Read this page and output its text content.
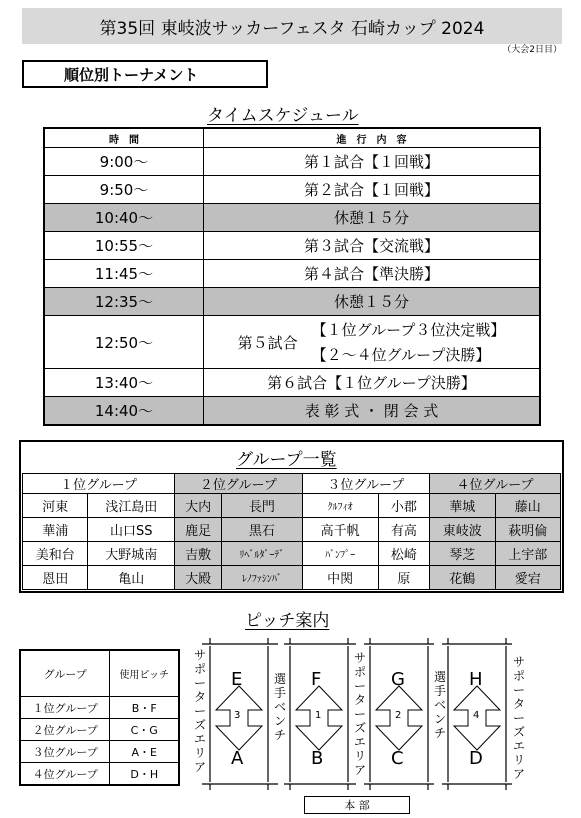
第35回 東岐波サッカーフェスタ 石崎カップ 2024
（大会2日目）
順位別トーナメント
タイムスケジュール
時　間	進　行　内　容
9:00～	第１試合【１回戦】
9:50～	第２試合【１回戦】
10:40～	休憩１５分
10:55～	第３試合【交流戦】
11:45～	第４試合【準決勝】
12:35～	休憩１５分
12:50～	第５試合
【１位グループ３位決定戦】
【２～４位グループ決勝】

13:40～	第６試合【１位グループ決勝】
14:40～	表 彰 式 ・ 閉 会 式
グループ一覧
１位グループ		２位グループ		３位グループ		４位グループ	
河東	浅江島田	大内	長門	ｸﾙﾌｨｵ	小郡	華城	藤山
華浦	山口SS	鹿足	黒石	高千帆	有高	東岐波	萩明倫
美和台	大野城南	吉敷	ﾘﾍﾞﾙﾀﾞｰﾃﾞ	ﾊﾞﾝﾌﾟｰ	松崎	琴芝	上宇部
恩田	亀山	大殿	ﾚﾉﾌｧｼﾝﾊﾞ	中関	原	花鶴	愛宕
ピッチ案内
グループ	使用ピッチ
１位グループ	B・F
２位グループ	C・G
３位グループ	A・E
４位グループ	D・H
E
A
3
F
B
1
G
C
2
H
D
4
サポーターズエリア
選手ベンチ
サポーターズエリア
選手ベンチ
サポーターズエリア
本 部
